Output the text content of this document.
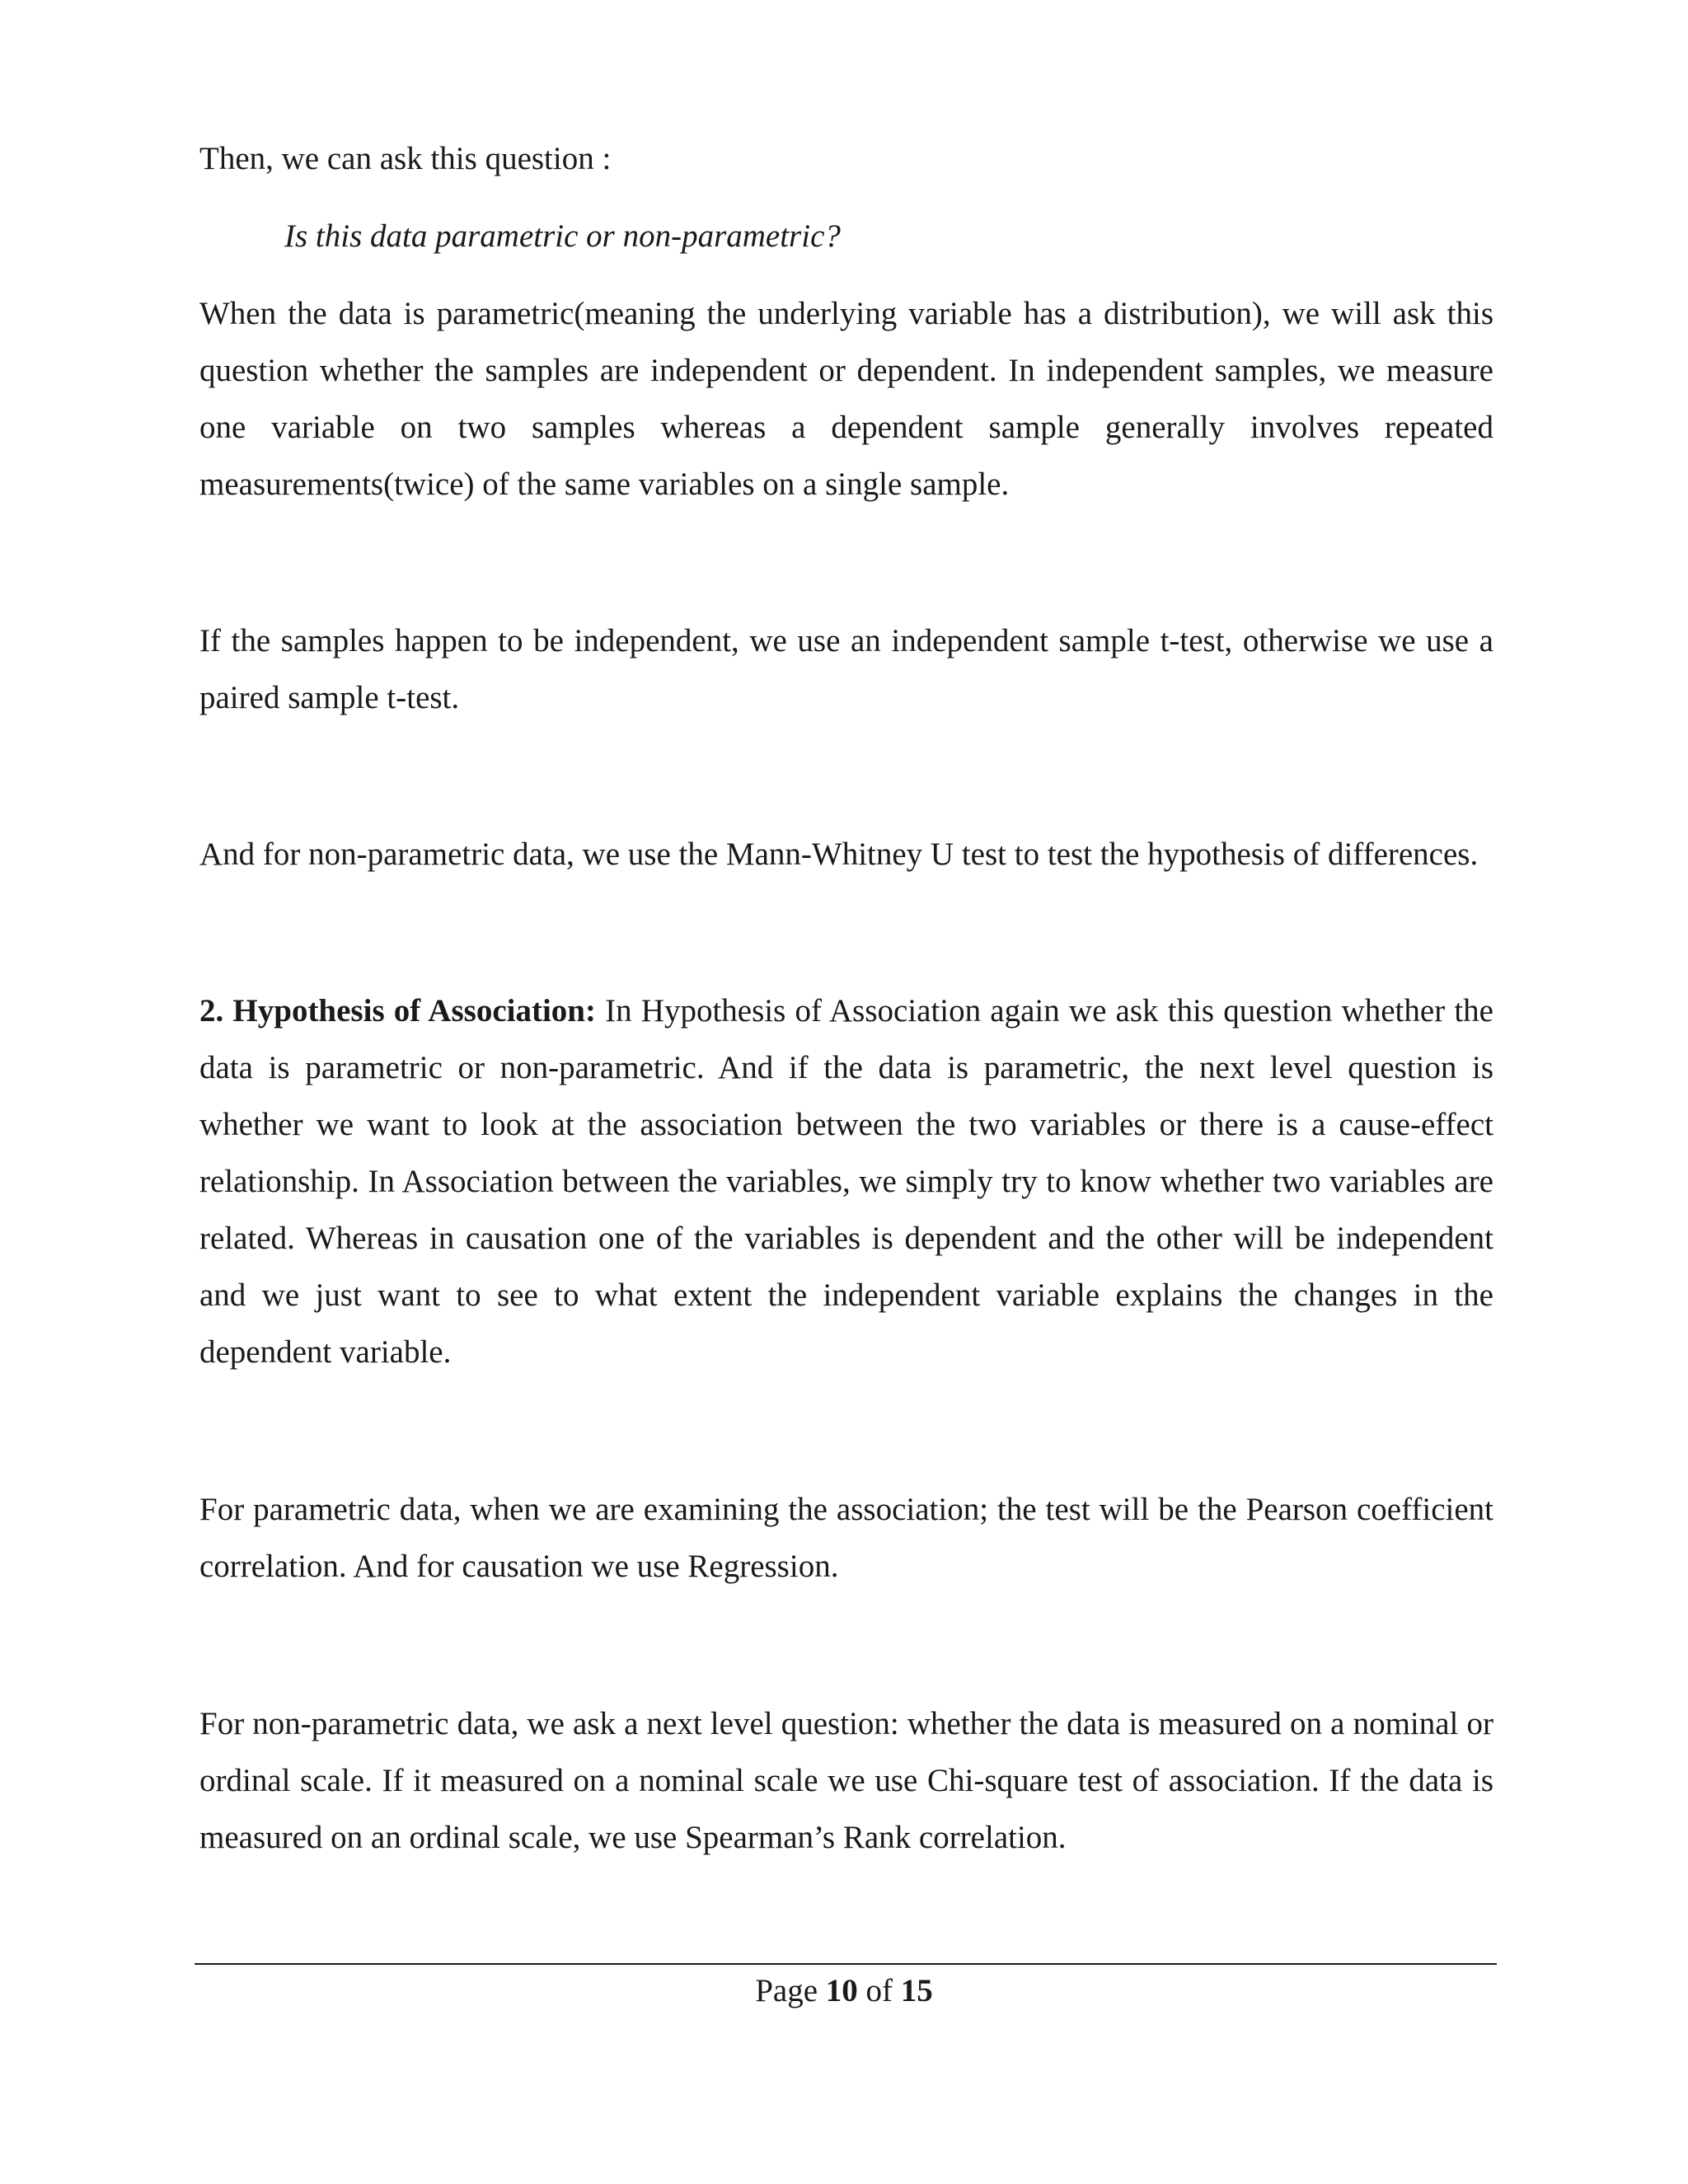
Then, we can ask this question :

Is this data parametric or non-parametric?

When the data is parametric(meaning the underlying variable has a distribution), we will ask this question whether the samples are independent or dependent. In independent samples, we measure one variable on two samples whereas a dependent sample generally involves repeated measurements(twice) of the same variables on a single sample.

If the samples happen to be independent, we use an independent sample t-test, otherwise we use a paired sample t-test.

And for non-parametric data, we use the Mann-Whitney U test to test the hypothesis of differences.

2. Hypothesis of Association: In Hypothesis of Association again we ask this question whether the data is parametric or non-parametric. And if the data is parametric, the next level question is whether we want to look at the association between the two variables or there is a cause-effect relationship. In Association between the variables, we simply try to know whether two variables are related. Whereas in causation one of the variables is dependent and the other will be independent and we just want to see to what extent the independent variable explains the changes in the dependent variable.

For parametric data, when we are examining the association; the test will be the Pearson coefficient correlation. And for causation we use Regression.

For non-parametric data, we ask a next level question: whether the data is measured on a nominal or ordinal scale. If it measured on a nominal scale we use Chi-square test of association. If the data is measured on an ordinal scale, we use Spearman’s Rank correlation.

Page 10 of 15
